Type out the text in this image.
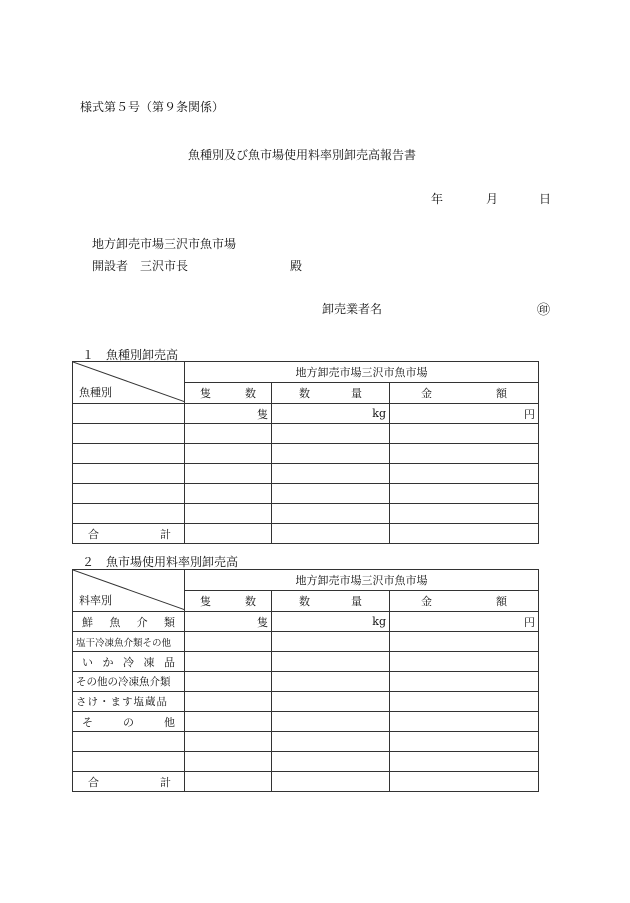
様式第５号（第９条関係）
魚種別及び魚市場使用料率別卸売高報告書
年	月	日
地方卸売市場三沢市魚市場
開設者　三沢市長	殿
卸売業者名	㊞
１　魚種別卸売高
魚種別	地方卸売市場三沢市魚市場		

	隻 数	数 量	金 額

	隻	kg	円

合 計			

２　魚市場使用料率別卸売高
料率別	地方卸売市場三沢市魚市場		

	隻 数	数 量	金 額

鮮 魚 介 類	隻	kg	円
塩干冷凍魚介類その他			

い か 冷 凍 品			

その他の冷凍魚介類			
さけ・ます塩蔵品			

そ の 他			

合 計			
